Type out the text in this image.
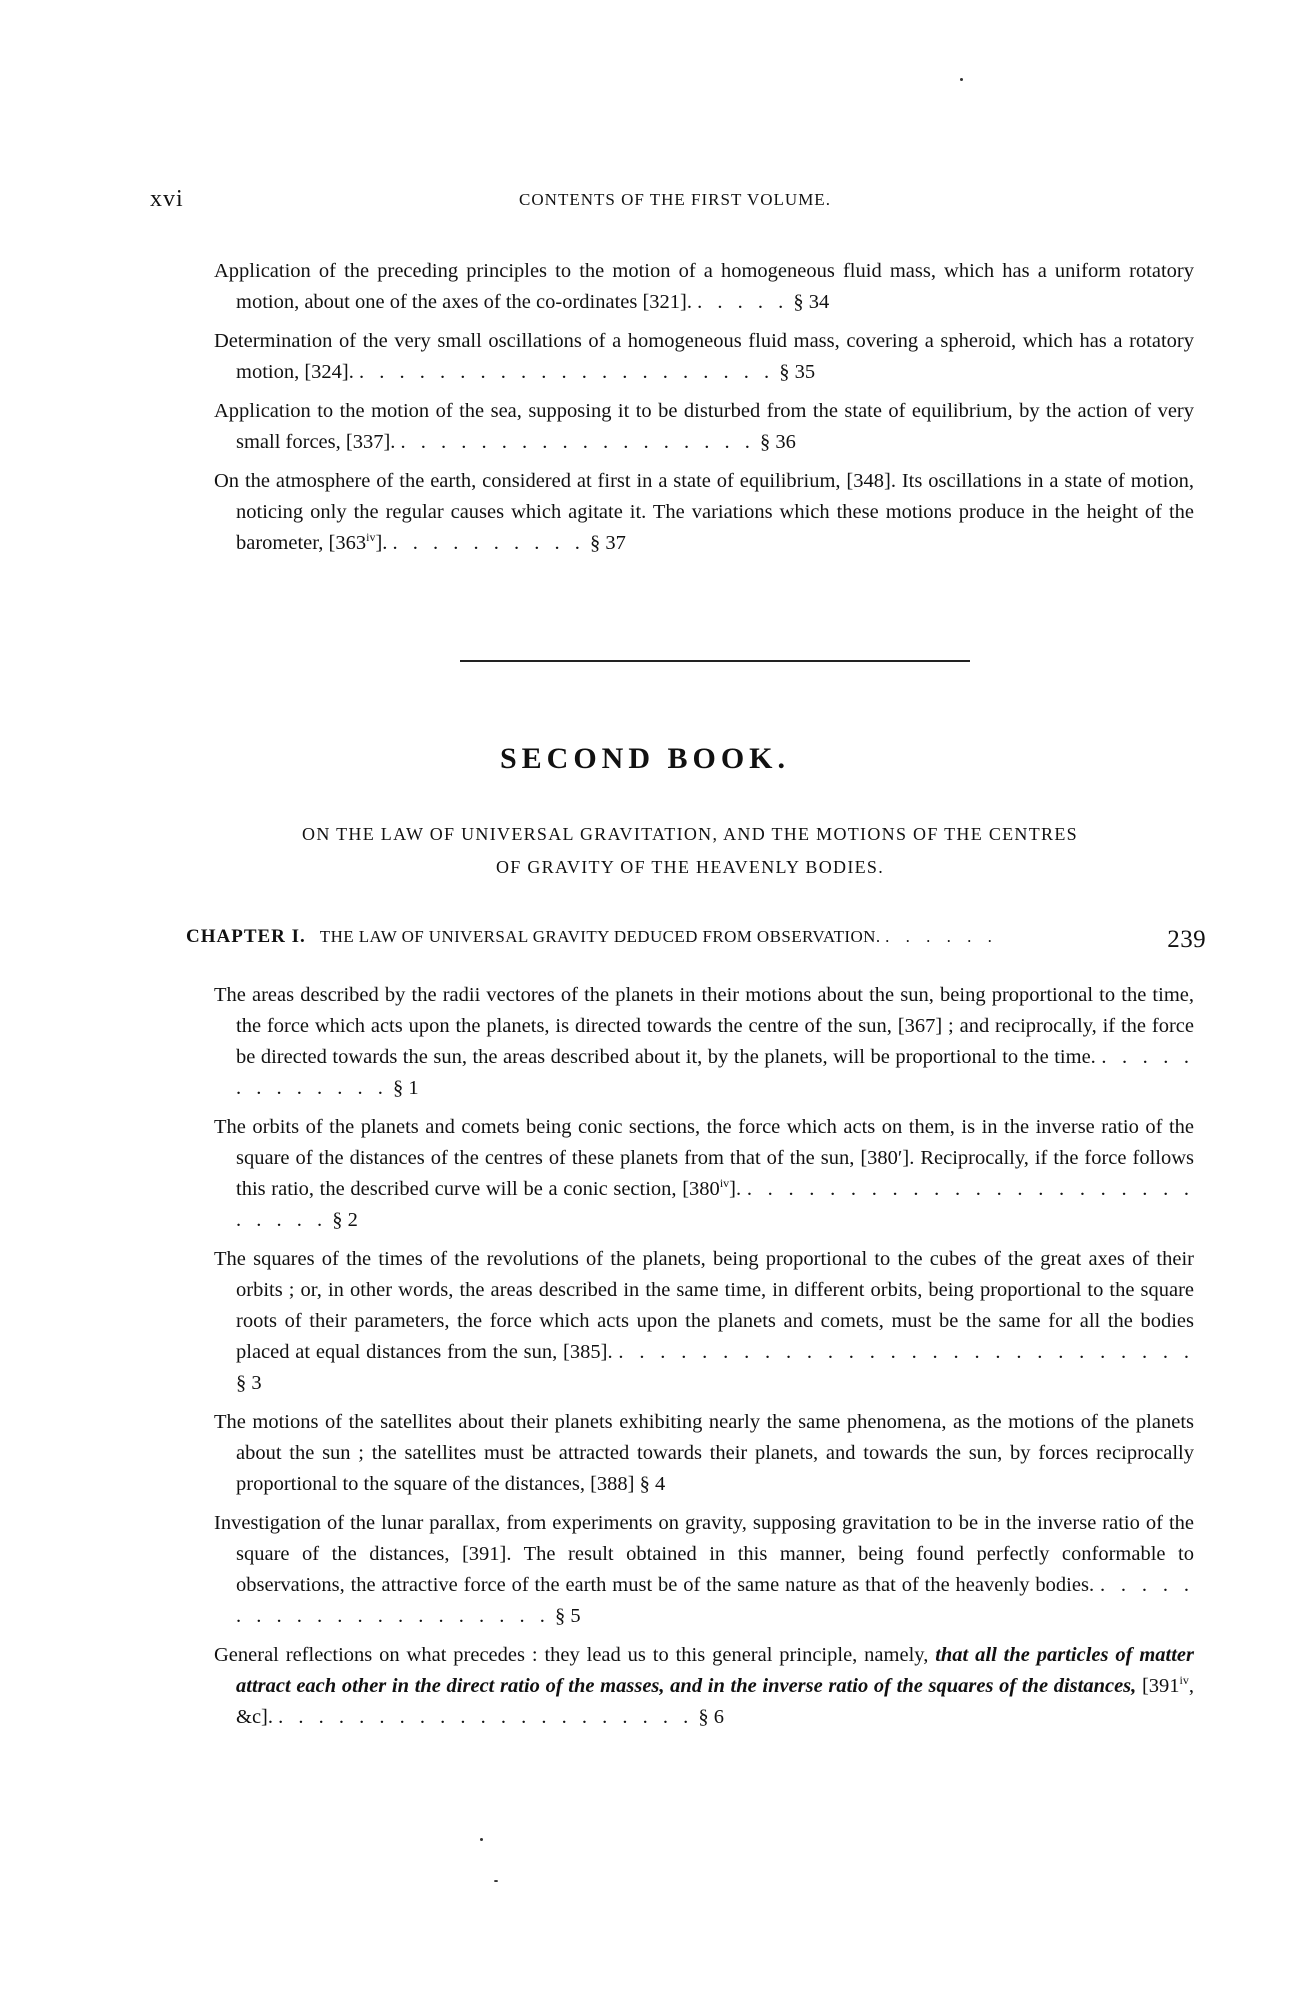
xvi	CONTENTS OF THE FIRST VOLUME.

Application of the preceding principles to the motion of a homogeneous fluid mass, which has a uniform rotatory motion, about one of the axes of the co-ordinates [321]. . . . . . § 34

Determination of the very small oscillations of a homogeneous fluid mass, covering a spheroid, which has a rotatory motion, [324]. . . . . . . . . . . . . . . . . . . . . . § 35

Application to the motion of the sea, supposing it to be disturbed from the state of equilibrium, by the action of very small forces, [337]. . . . . . . . . . . . . . . . . . . § 36

On the atmosphere of the earth, considered at first in a state of equilibrium, [348]. Its oscillations in a state of motion, noticing only the regular causes which agitate it. The variations which these motions produce in the height of the barometer, [363$^{iv}$]. . . . . . . . . . . § 37

SECOND BOOK.
ON THE LAW OF UNIVERSAL GRAVITATION, AND THE MOTIONS OF THE CENTRES
OF GRAVITY OF THE HEAVENLY BODIES.
CHAPTER I. THE LAW OF UNIVERSAL GRAVITY DEDUCED FROM OBSERVATION. . . . . . .	239

The areas described by the radii vectores of the planets in their motions about the sun, being proportional to the time, the force which acts upon the planets, is directed towards the centre of the sun, [367] ; and reciprocally, if the force be directed towards the sun, the areas described about it, by the planets, will be proportional to the time. . . . . . . . . . . . . . § 1

The orbits of the planets and comets being conic sections, the force which acts on them, is in the inverse ratio of the square of the distances of the centres of these planets from that of the sun, [380′]. Reciprocally, if the force follows this ratio, the described curve will be a conic section, [380$^{iv}$]. . . . . . . . . . . . . . . . . . . . . . . . . . . . § 2

The squares of the times of the revolutions of the planets, being proportional to the cubes of the great axes of their orbits ; or, in other words, the areas described in the same time, in different orbits, being proportional to the square roots of their parameters, the force which acts upon the planets and comets, must be the same for all the bodies placed at equal distances from the sun, [385]. . . . . . . . . . . . . . . . . . . . . . . . . . . . . § 3

The motions of the satellites about their planets exhibiting nearly the same phenomena, as the motions of the planets about the sun ; the satellites must be attracted towards their planets, and towards the sun, by forces reciprocally proportional to the square of the distances, [388] § 4

Investigation of the lunar parallax, from experiments on gravity, supposing gravitation to be in the inverse ratio of the square of the distances, [391]. The result obtained in this manner, being found perfectly conformable to observations, the attractive force of the earth must be of the same nature as that of the heavenly bodies. . . . . . . . . . . . . . . . . . . . . . § 5

General reflections on what precedes : they lead us to this general principle, namely, that all the particles of matter attract each other in the direct ratio of the masses, and in the inverse ratio of the squares of the distances, [391$^{iv}$, &c]. . . . . . . . . . . . . . . . . . . . . . § 6
